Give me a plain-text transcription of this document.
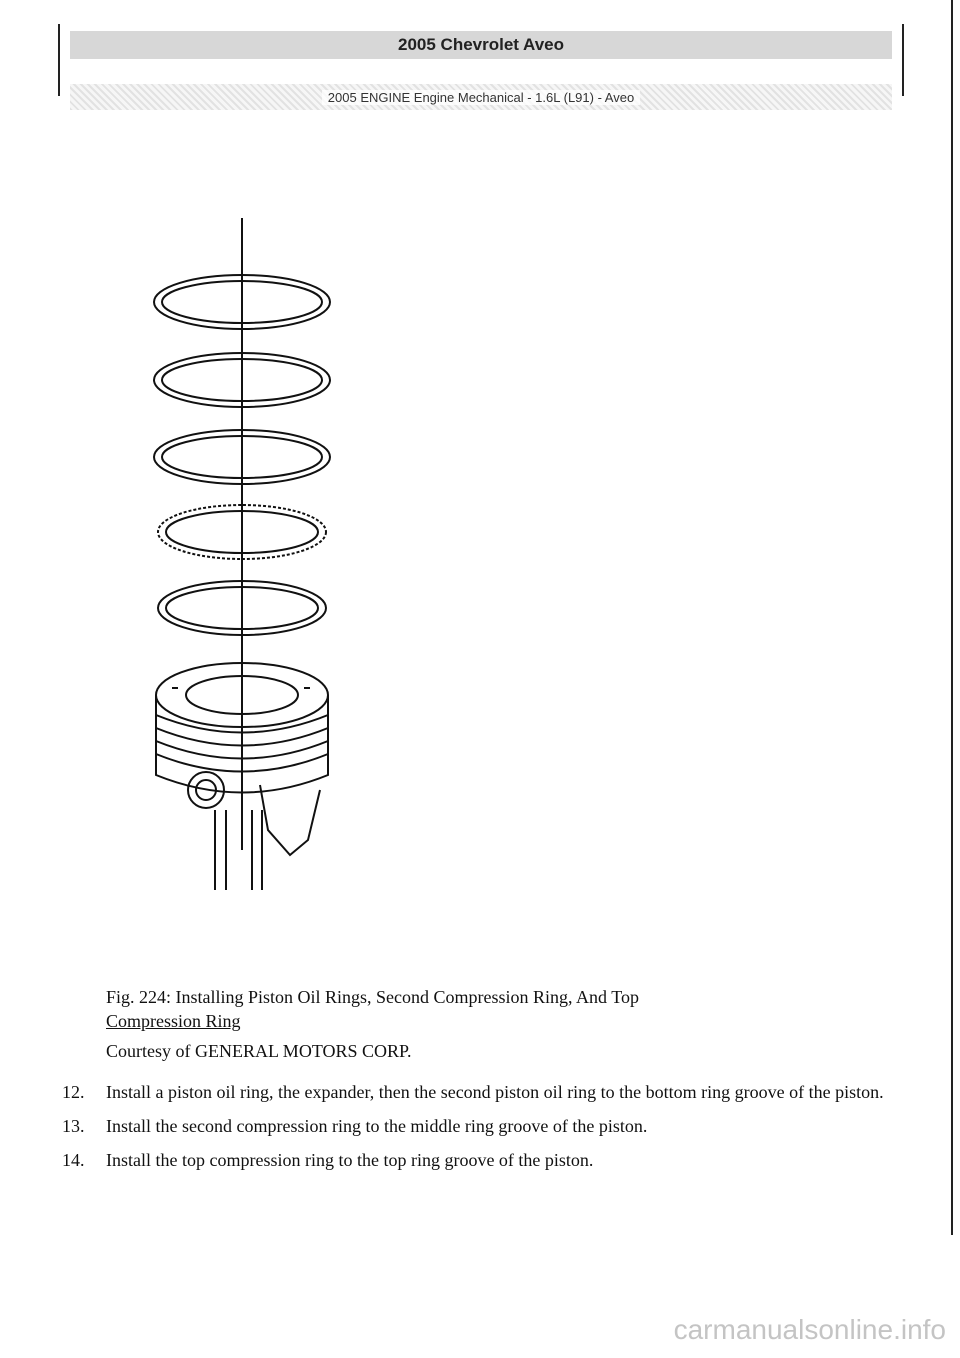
2005 Chevrolet Aveo
2005 ENGINE Engine Mechanical - 1.6L (L91) - Aveo
Fig. 224: Installing Piston Oil Rings, Second Compression Ring, And Top
Compression Ring
Courtesy of GENERAL MOTORS CORP.
12.	Install a piston oil ring, the expander, then the second piston oil ring to the bottom ring groove of the piston.
13.	Install the second compression ring to the middle ring groove of the piston.
14.	Install the top compression ring to the top ring groove of the piston.
carmanualsonline.info
